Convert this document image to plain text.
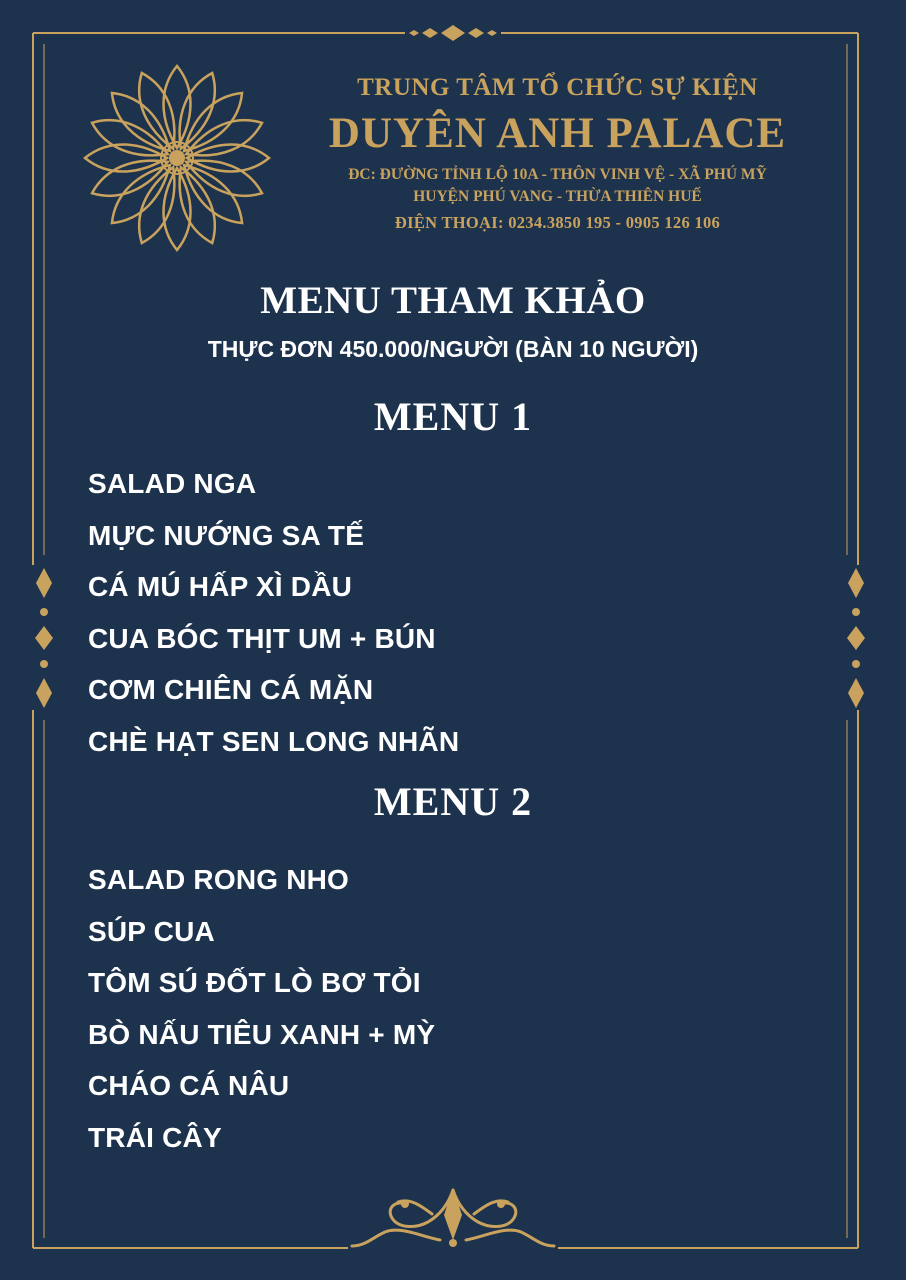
TRUNG TÂM TỔ CHỨC SỰ KIỆN

DUYÊN ANH PALACE

ĐC: ĐƯỜNG TỈNH LỘ 10A - THÔN VINH VỆ - XÃ PHÚ MỸ

HUYỆN PHÚ VANG - THỪA THIÊN HUẾ

ĐIỆN THOẠI: 0234.3850 195 - 0905 126 106

MENU THAM KHẢO
THỰC ĐƠN 450.000/NGƯỜI (BÀN 10 NGƯỜI)
MENU 1
SALAD NGA
MỰC NƯỚNG SA TẾ
CÁ MÚ HẤP XÌ DẦU
CUA BÓC THỊT UM + BÚN
CƠM CHIÊN CÁ MẶN
CHÈ HẠT SEN LONG NHÃN
MENU 2
SALAD RONG NHO
SÚP CUA
TÔM SÚ ĐỐT LÒ BƠ TỎI
BÒ NẤU TIÊU XANH + MỲ
CHÁO CÁ NÂU
TRÁI CÂY
